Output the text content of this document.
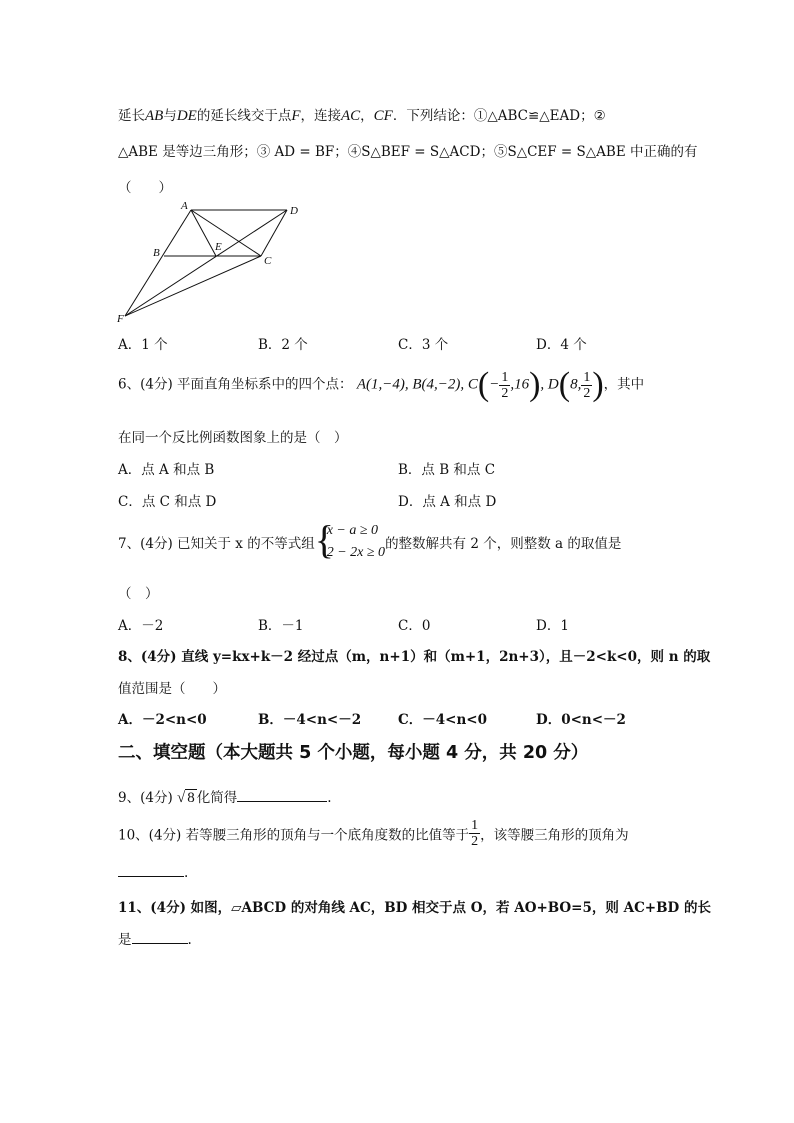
延长AB与DE的延长线交于点F，连接AC，CF．下列结论：①△ABC≌△EAD；②
△ABE 是等边三角形；③ AD = BF；④S△BEF = S△ACD；⑤S△CEF = S△ABE 中正确的有
（　　）
A	D
B	E
C
F
A．1 个	B．2 个	C．3 个	D．4 个
6、(4分) 平面直角坐标系中的四个点： A(1,−4), B(4,−2), $C(- \frac{1}{2} ,16)$, D(8, $\frac{1}{2}$ )，其中
在同一个反比例函数图象上的是（　）
A．点 A 和点 B	B．点 B 和点 C
C．点 C 和点 D	D．点 A 和点 D
7、(4分) 已知关于 x 的不等式组 {
x − a ≥ 0
2 − 2x ≥ 0
的整数解共有 2 个，则整数 a 的取值是
（　）
A．－2	B．－1	C．0	D．1
8、(4分) 直线 y=kx+k－2 经过点（m，n+1）和（m+1，2n+3），且－2<k<0，则 n 的取
值范围是（　　）
A．－2<n<0	B．－4<n<－2	C．－4<n<0	D．0<n<－2
二、填空题（本大题共 5 个小题，每小题 4 分，共 20 分）
9、(4分) √ 8 化简得	.
10、(4分) 若等腰三角形的顶角与一个底角度数的比值等于 $\frac{1}{2}$ ，该等腰三角形的顶角为
.
11、(4分) 如图，▱ABCD 的对角线 AC，BD 相交于点 O，若 AO+BO=5，则 AC+BD 的长
是	.
